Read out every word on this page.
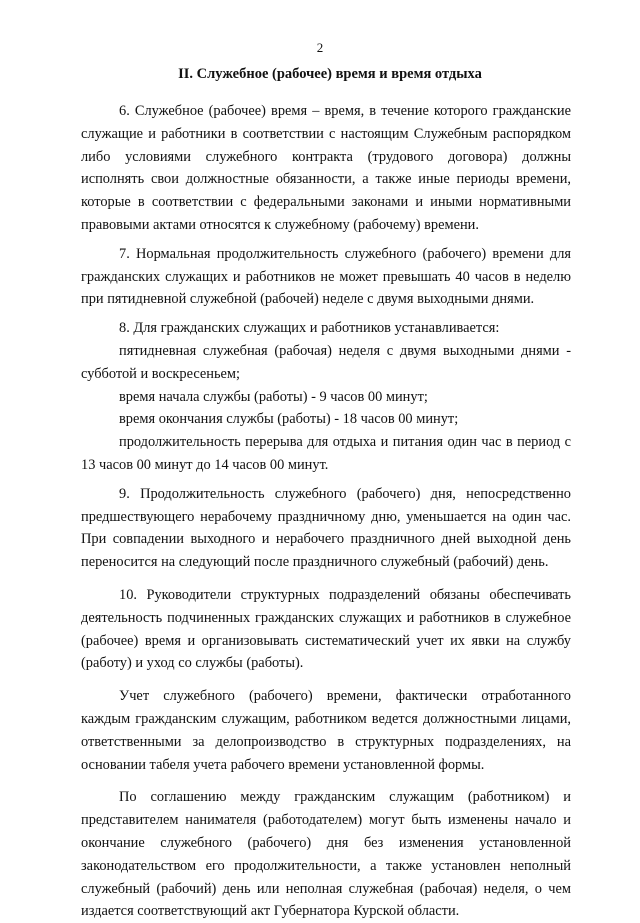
2
II. Служебное (рабочее) время и время отдыха

6. Служебное (рабочее) время – время, в течение которого гражданские служащие и работники в соответствии с настоящим Служебным распорядком либо условиями служебного контракта (трудового договора) должны исполнять свои должностные обязанности, а также иные периоды времени, которые в соответствии с федеральными законами и иными нормативными правовыми актами относятся к служебному (рабочему) времени.

7. Нормальная продолжительность служебного (рабочего) времени для гражданских служащих и работников не может превышать 40 часов в неделю при пятидневной служебной (рабочей) неделе с двумя выходными днями.

8. Для гражданских служащих и работников устанавливается:

пятидневная служебная (рабочая) неделя с двумя выходными днями - субботой и воскресеньем;

время начала службы (работы) - 9 часов 00 минут;

время окончания службы (работы) - 18 часов 00 минут;

продолжительность перерыва для отдыха и питания один час в период с 13 часов 00 минут до 14 часов 00 минут.

9. Продолжительность служебного (рабочего) дня, непосредственно предшествующего нерабочему праздничному дню, уменьшается на один час. При совпадении выходного и нерабочего праздничного дней выходной день переносится на следующий после праздничного служебный (рабочий) день.

10. Руководители структурных подразделений обязаны обеспечивать деятельность подчиненных гражданских служащих и работников в служебное (рабочее) время и организовывать систематический учет их явки на службу (работу) и уход со службы (работы).

Учет служебного (рабочего) времени, фактически отработанного каждым гражданским служащим, работником ведется должностными лицами, ответственными за делопроизводство в структурных подразделениях, на основании табеля учета рабочего времени установленной формы.

По соглашению между гражданским служащим (работником) и представителем нанимателя (работодателем) могут быть изменены начало и окончание служебного (рабочего) дня без изменения установленной законодательством его продолжительности, а также установлен неполный служебный (рабочий) день или неполная служебная (рабочая) неделя, о чем издается соответствующий акт Губернатора Курской области.
